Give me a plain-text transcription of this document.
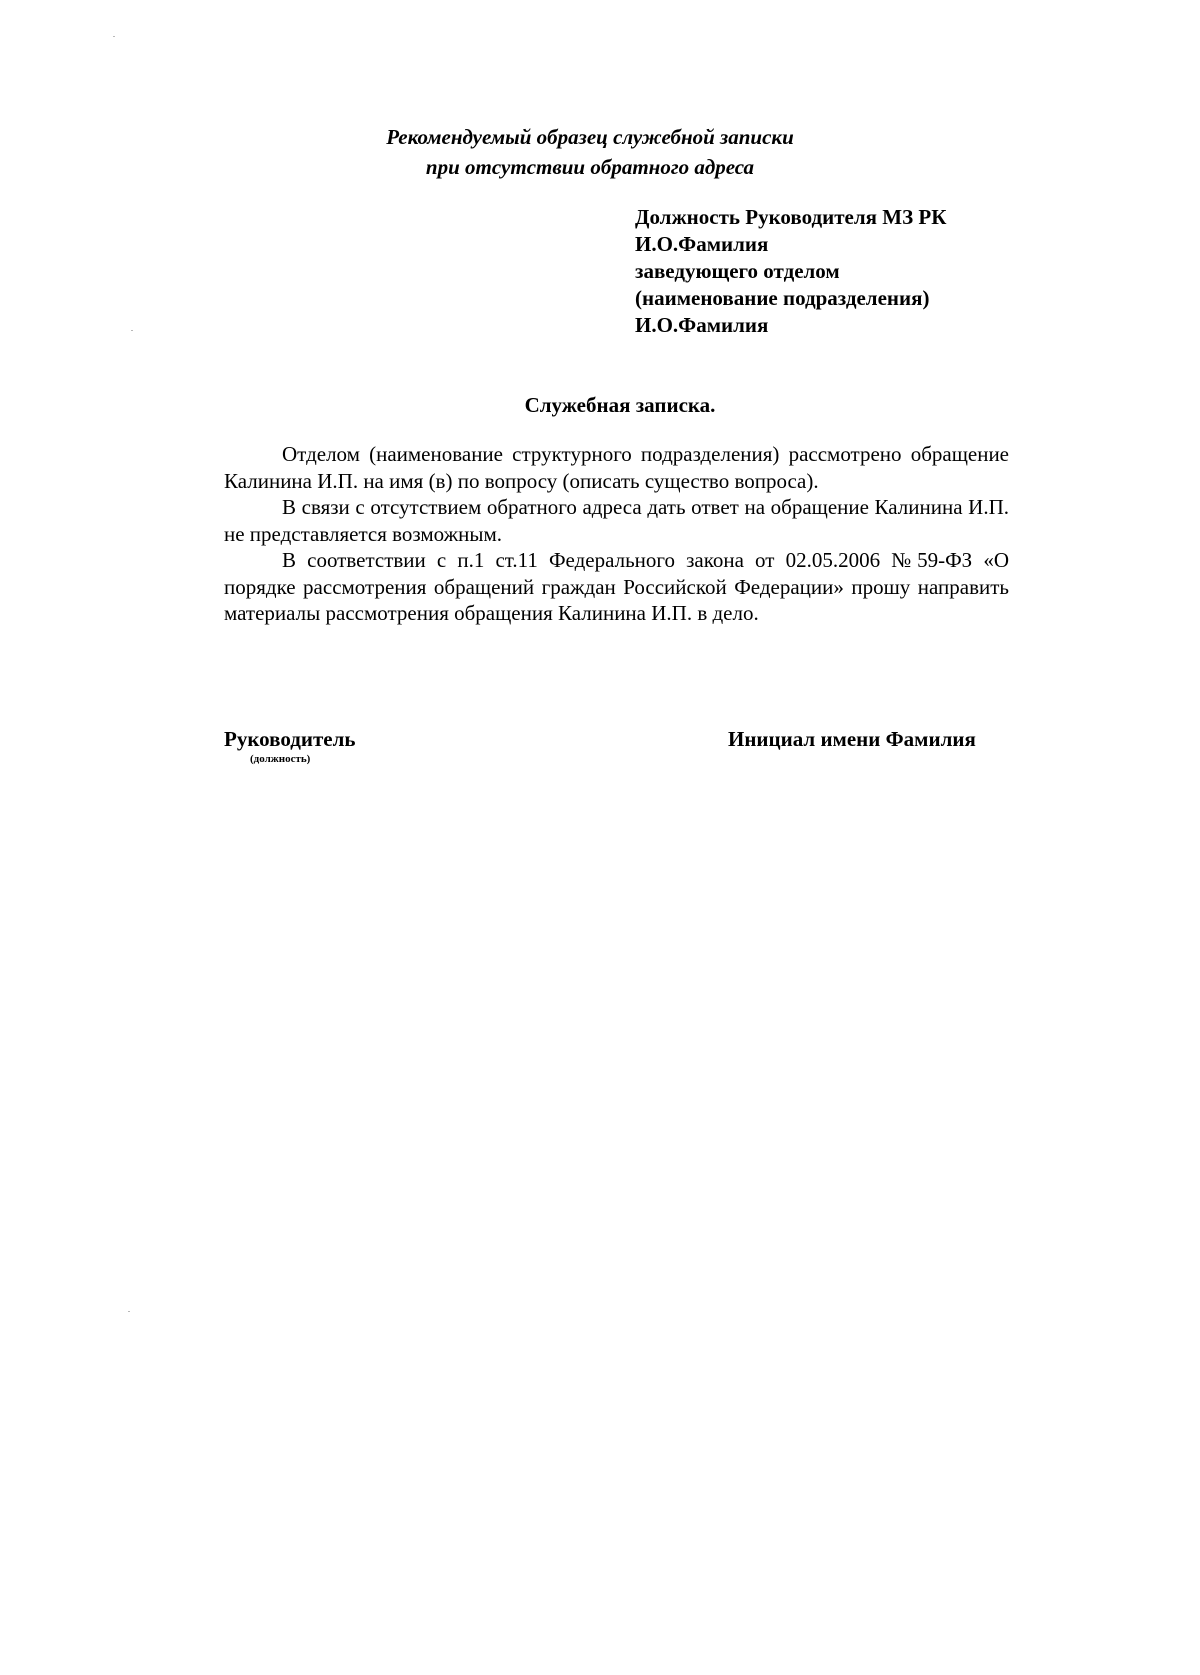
Рекомендуемый образец служебной записки
при отсутствии обратного адреса
Должность Руководителя МЗ РК
И.О.Фамилия
заведующего отделом
(наименование подразделения)
И.О.Фамилия
Служебная записка.

Отделом (наименование структурного подразделения) рассмотрено обращение Калинина И.П. на имя (в) по вопросу (описать существо вопроса).

В связи с отсутствием обратного адреса дать ответ на обращение Калинина И.П. не представляется возможным.

В соответствии с п.1 ст.11 Федерального закона от 02.05.2006 №59-ФЗ «О порядке рассмотрения обращений граждан Российской Федерации» прошу направить материалы рассмотрения обращения Калинина И.П. в дело.

Руководитель
(должность)
Инициал имени Фамилия
